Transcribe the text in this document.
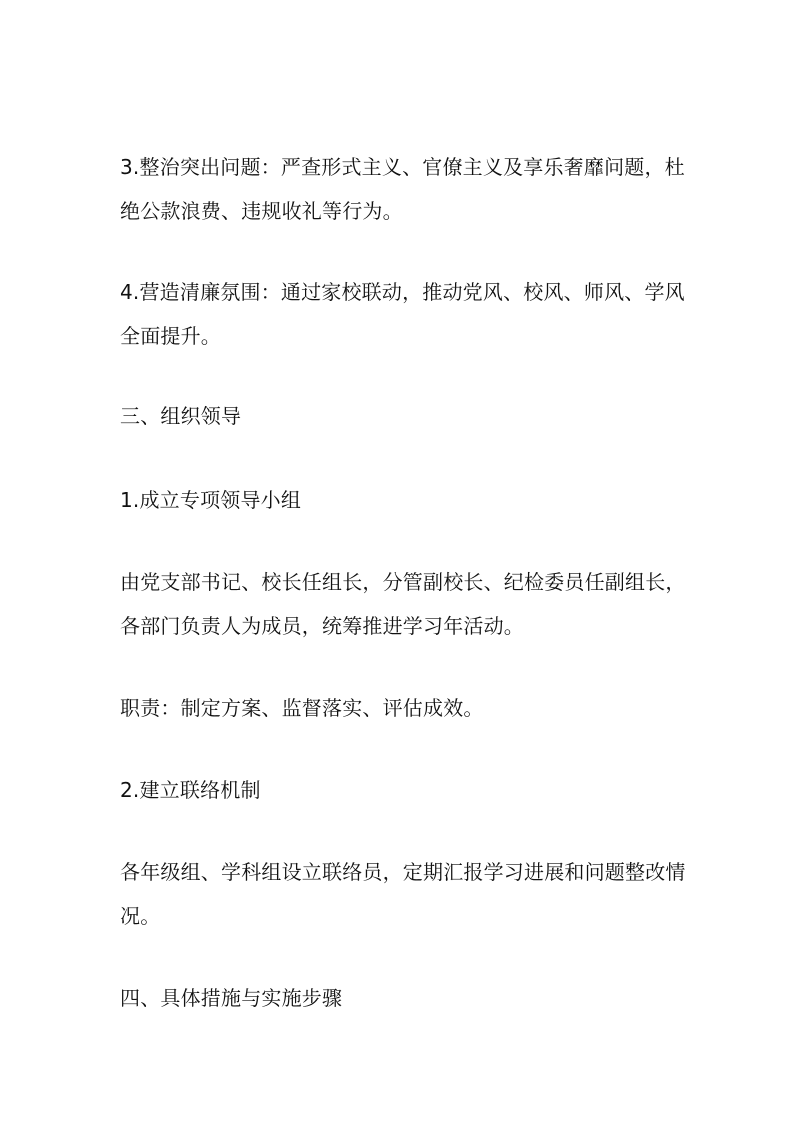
3.整治突出问题：严查形式主义、官僚主义及享乐奢靡问题，杜绝公款浪费、违规收礼等行为。

4.营造清廉氛围：通过家校联动，推动党风、校风、师风、学风全面提升。

三、组织领导

1.成立专项领导小组

由党支部书记、校长任组长，分管副校长、纪检委员任副组长，各部门负责人为成员，统筹推进学习年活动。

职责：制定方案、监督落实、评估成效。

2.建立联络机制

各年级组、学科组设立联络员，定期汇报学习进展和问题整改情况。

四、具体措施与实施步骤
